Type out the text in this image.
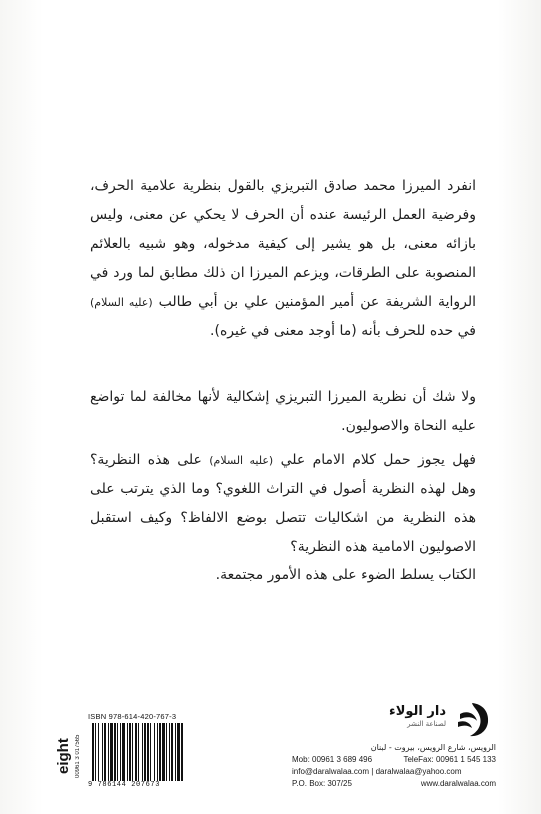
انفرد الميرزا محمد صادق التبريزي بالقول بنظرية علامية الحرف، وفرضية العمل الرئيسة عنده أن الحرف لا يحكي عن معنى، وليس بازائه معنى، بل هو يشير إلى كيفية مدخوله، وهو شبيه بالعلائم المنصوبة على الطرقات، ويزعم الميرزا ان ذلك مطابق لما ورد في الرواية الشريفة عن أمير المؤمنين علي بن أبي طالب (عليه السلام) في حده للحرف بأنه (ما أوجد معنى في غيره).

ولا شك أن نظرية الميرزا التبريزي إشكالية لأنها مخالفة لما تواضع عليه النحاة والاصوليون.

فهل يجوز حمل كلام الامام علي (عليه السلام) على هذه النظرية؟ وهل لهذه النظرية أصول في التراث اللغوي؟ وما الذي يترتب على هذه النظرية من اشكاليات تتصل بوضع الالفاظ؟ وكيف استقبل الاصوليون الامامية هذه النظرية؟

الكتاب يسلط الضوء على هذه الأمور مجتمعة.

eight 00961 3 017565
ISBN 978-614-420-767-3
9 786144 207673
دار الولاء
لصناعة النشر
الرويس، شارع الرويس، بيروت - لبنان
Mob: 00961 3 689 496	TeleFax: 00961 1 545 133
info@daralwalaa.com | daralwalaa@yahoo.com
P.O. Box: 307/25	www.daralwalaa.com
